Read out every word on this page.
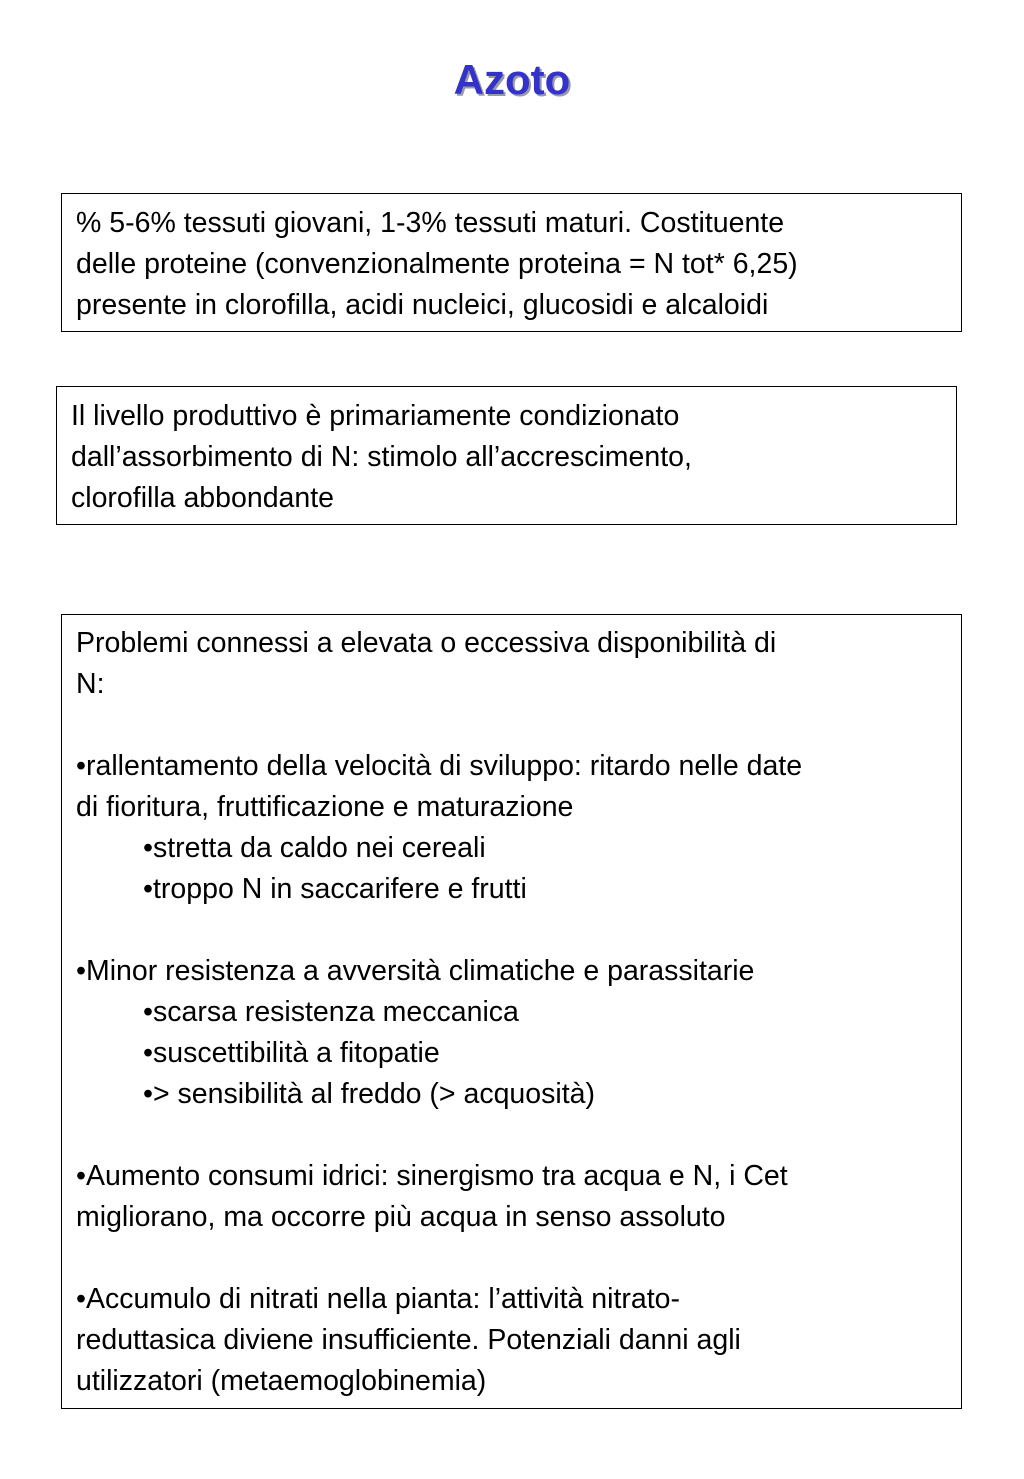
Azoto
% 5-6% tessuti giovani, 1-3% tessuti maturi. Costituente
delle proteine (convenzionalmente proteina = N tot* 6,25)
presente in clorofilla, acidi nucleici, glucosidi e alcaloidi
Il livello produttivo è primariamente condizionato
dall’assorbimento di N: stimolo all’accrescimento,
clorofilla abbondante
Problemi connessi a elevata o eccessiva disponibilità di
N:
•rallentamento della velocità di sviluppo: ritardo nelle date
di fioritura, fruttificazione e maturazione
•stretta da caldo nei cereali
•troppo N in saccarifere e frutti
•Minor resistenza a avversità climatiche e parassitarie
•scarsa resistenza meccanica
•suscettibilità a fitopatie
•> sensibilità al freddo (> acquosità)
•Aumento consumi idrici: sinergismo tra acqua e N, i Cet
migliorano, ma occorre più acqua in senso assoluto
•Accumulo di nitrati nella pianta: l’attività nitrato-
reduttasica diviene insufficiente. Potenziali danni agli
utilizzatori (metaemoglobinemia)
